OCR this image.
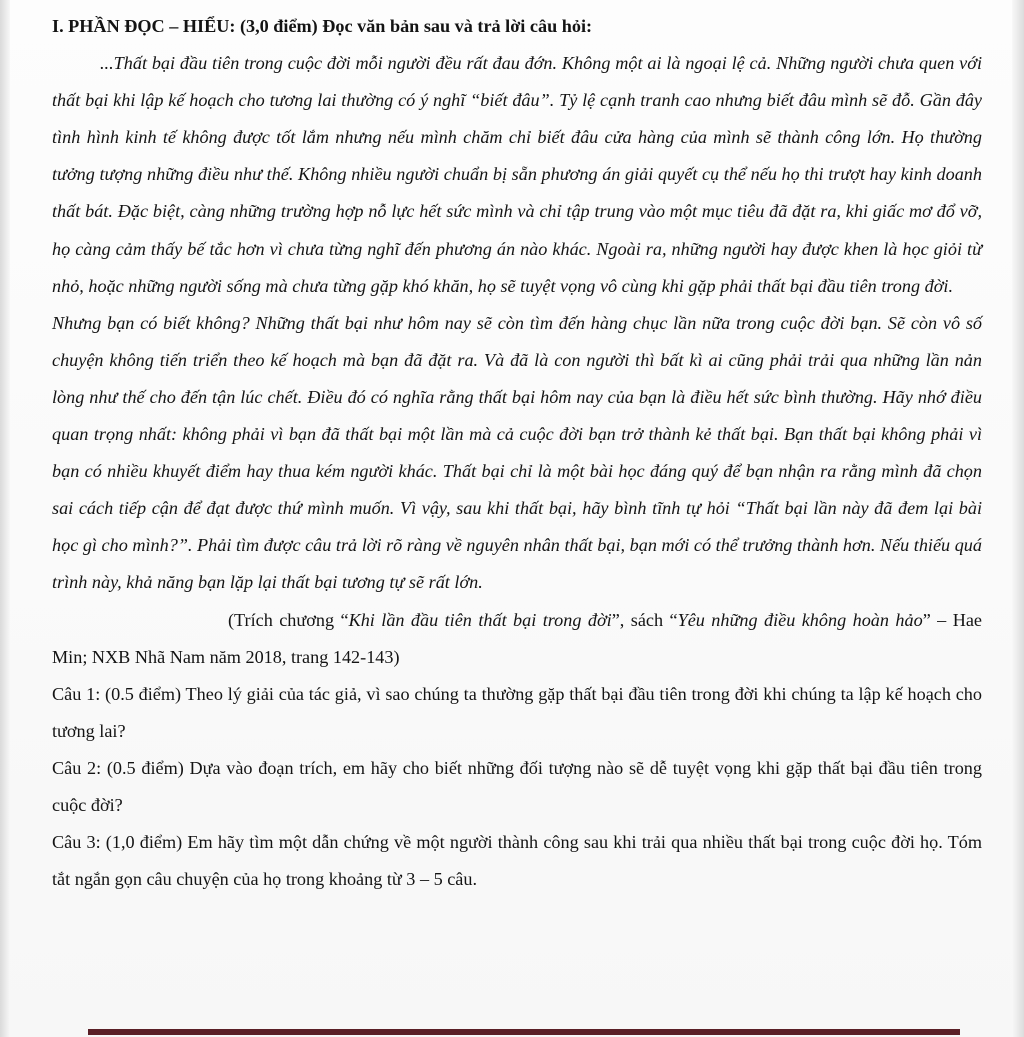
I. PHẦN ĐỌC – HIỂU: (3,0 điểm) Đọc văn bản sau và trả lời câu hỏi:

...Thất bại đầu tiên trong cuộc đời mỗi người đều rất đau đớn. Không một ai là ngoại lệ cả. Những người chưa quen với thất bại khi lập kế hoạch cho tương lai thường có ý nghĩ “biết đâu”. Tỷ lệ cạnh tranh cao nhưng biết đâu mình sẽ đỗ. Gần đây tình hình kinh tế không được tốt lắm nhưng nếu mình chăm chỉ biết đâu cửa hàng của mình sẽ thành công lớn. Họ thường tưởng tượng những điều như thế. Không nhiều người chuẩn bị sẵn phương án giải quyết cụ thể nếu họ thi trượt hay kinh doanh thất bát. Đặc biệt, càng những trường hợp nỗ lực hết sức mình và chỉ tập trung vào một mục tiêu đã đặt ra, khi giấc mơ đổ vỡ, họ càng cảm thấy bế tắc hơn vì chưa từng nghĩ đến phương án nào khác. Ngoài ra, những người hay được khen là học giỏi từ nhỏ, hoặc những người sống mà chưa từng gặp khó khăn, họ sẽ tuyệt vọng vô cùng khi gặp phải thất bại đầu tiên trong đời.

Nhưng bạn có biết không? Những thất bại như hôm nay sẽ còn tìm đến hàng chục lần nữa trong cuộc đời bạn. Sẽ còn vô số chuyện không tiến triển theo kế hoạch mà bạn đã đặt ra. Và đã là con người thì bất kì ai cũng phải trải qua những lần nản lòng như thế cho đến tận lúc chết. Điều đó có nghĩa rằng thất bại hôm nay của bạn là điều hết sức bình thường. Hãy nhớ điều quan trọng nhất: không phải vì bạn đã thất bại một lần mà cả cuộc đời bạn trở thành kẻ thất bại. Bạn thất bại không phải vì bạn có nhiều khuyết điểm hay thua kém người khác. Thất bại chỉ là một bài học đáng quý để bạn nhận ra rằng mình đã chọn sai cách tiếp cận để đạt được thứ mình muốn. Vì vậy, sau khi thất bại, hãy bình tĩnh tự hỏi “Thất bại lần này đã đem lại bài học gì cho mình?”. Phải tìm được câu trả lời rõ ràng về nguyên nhân thất bại, bạn mới có thể trưởng thành hơn. Nếu thiếu quá trình này, khả năng bạn lặp lại thất bại tương tự sẽ rất lớn.

(Trích chương “Khi lần đầu tiên thất bại trong đời”, sách “Yêu những điều không hoàn hảo” – Hae Min; NXB Nhã Nam năm 2018, trang 142-143)

Câu 1: (0.5 điểm) Theo lý giải của tác giả, vì sao chúng ta thường gặp thất bại đầu tiên trong đời khi chúng ta lập kế hoạch cho tương lai?

Câu 2: (0.5 điểm) Dựa vào đoạn trích, em hãy cho biết những đối tượng nào sẽ dễ tuyệt vọng khi gặp thất bại đầu tiên trong cuộc đời?

Câu 3: (1,0 điểm) Em hãy tìm một dẫn chứng về một người thành công sau khi trải qua nhiều thất bại trong cuộc đời họ. Tóm tắt ngắn gọn câu chuyện của họ trong khoảng từ 3 – 5 câu.
